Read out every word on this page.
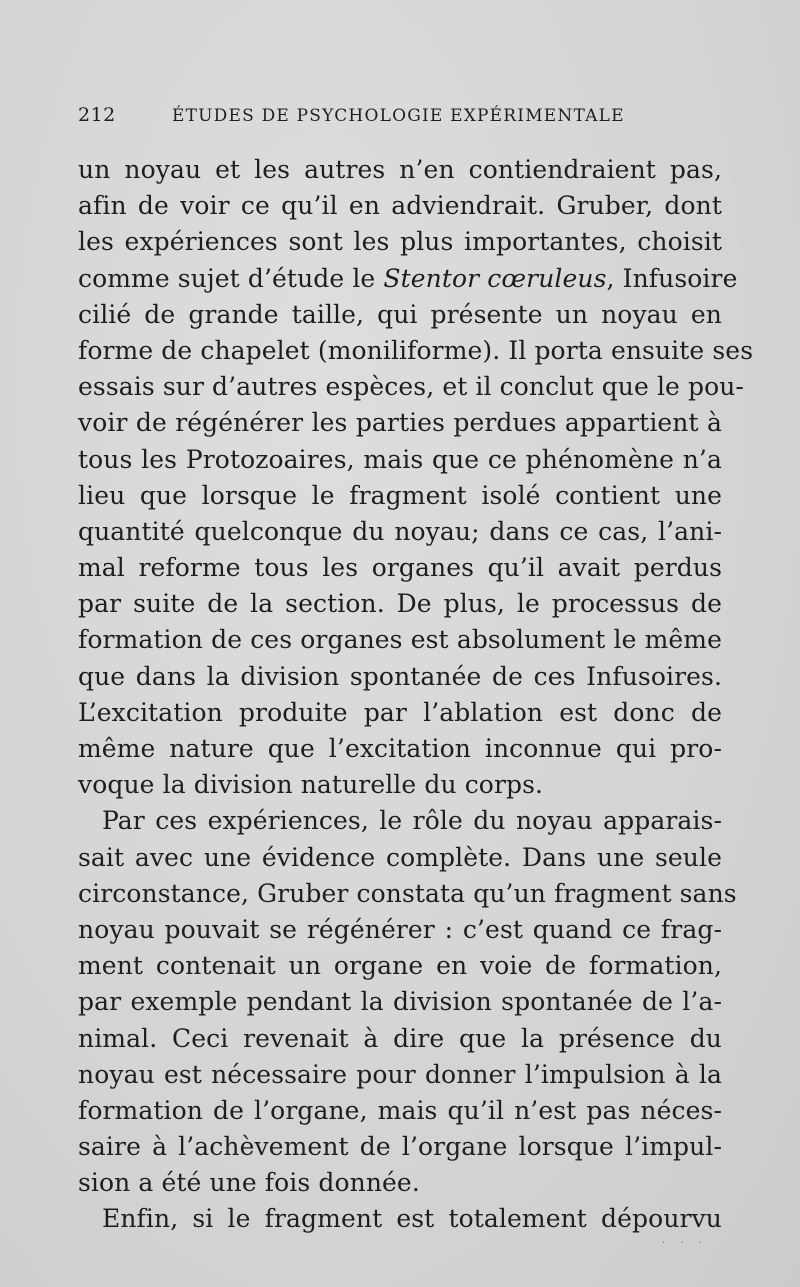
212	ÉTUDES DE PSYCHOLOGIE EXPÉRIMENTALE
un noyau et les autres n’en contiendraient pas,
afin de voir ce qu’il en adviendrait. Gruber, dont
les expériences sont les plus importantes, choisit
comme sujet d’étude le Stentor cœruleus, Infusoire
cilié de grande taille, qui présente un noyau en
forme de chapelet (moniliforme). Il porta ensuite ses
essais sur d’autres espèces, et il conclut que le pou-
voir de régénérer les parties perdues appartient à
tous les Protozoaires, mais que ce phénomène n’a
lieu que lorsque le fragment isolé contient une
quantité quelconque du noyau; dans ce cas, l’ani-
mal reforme tous les organes qu’il avait perdus
par suite de la section. De plus, le processus de
formation de ces organes est absolument le même
que dans la division spontanée de ces Infusoires.
L’excitation produite par l’ablation est donc de
même nature que l’excitation inconnue qui pro-
voque la division naturelle du corps.
Par ces expériences, le rôle du noyau apparais-
sait avec une évidence complète. Dans une seule
circonstance, Gruber constata qu’un fragment sans
noyau pouvait se régénérer : c’est quand ce frag-
ment contenait un organe en voie de formation,
par exemple pendant la division spontanée de l’a-
nimal. Ceci revenait à dire que la présence du
noyau est nécessaire pour donner l’impulsion à la
formation de l’organe, mais qu’il n’est pas néces-
saire à l’achèvement de l’organe lorsque l’impul-
sion a été une fois donnée.
Enfin, si le fragment est totalement dépourvu
· · ·
